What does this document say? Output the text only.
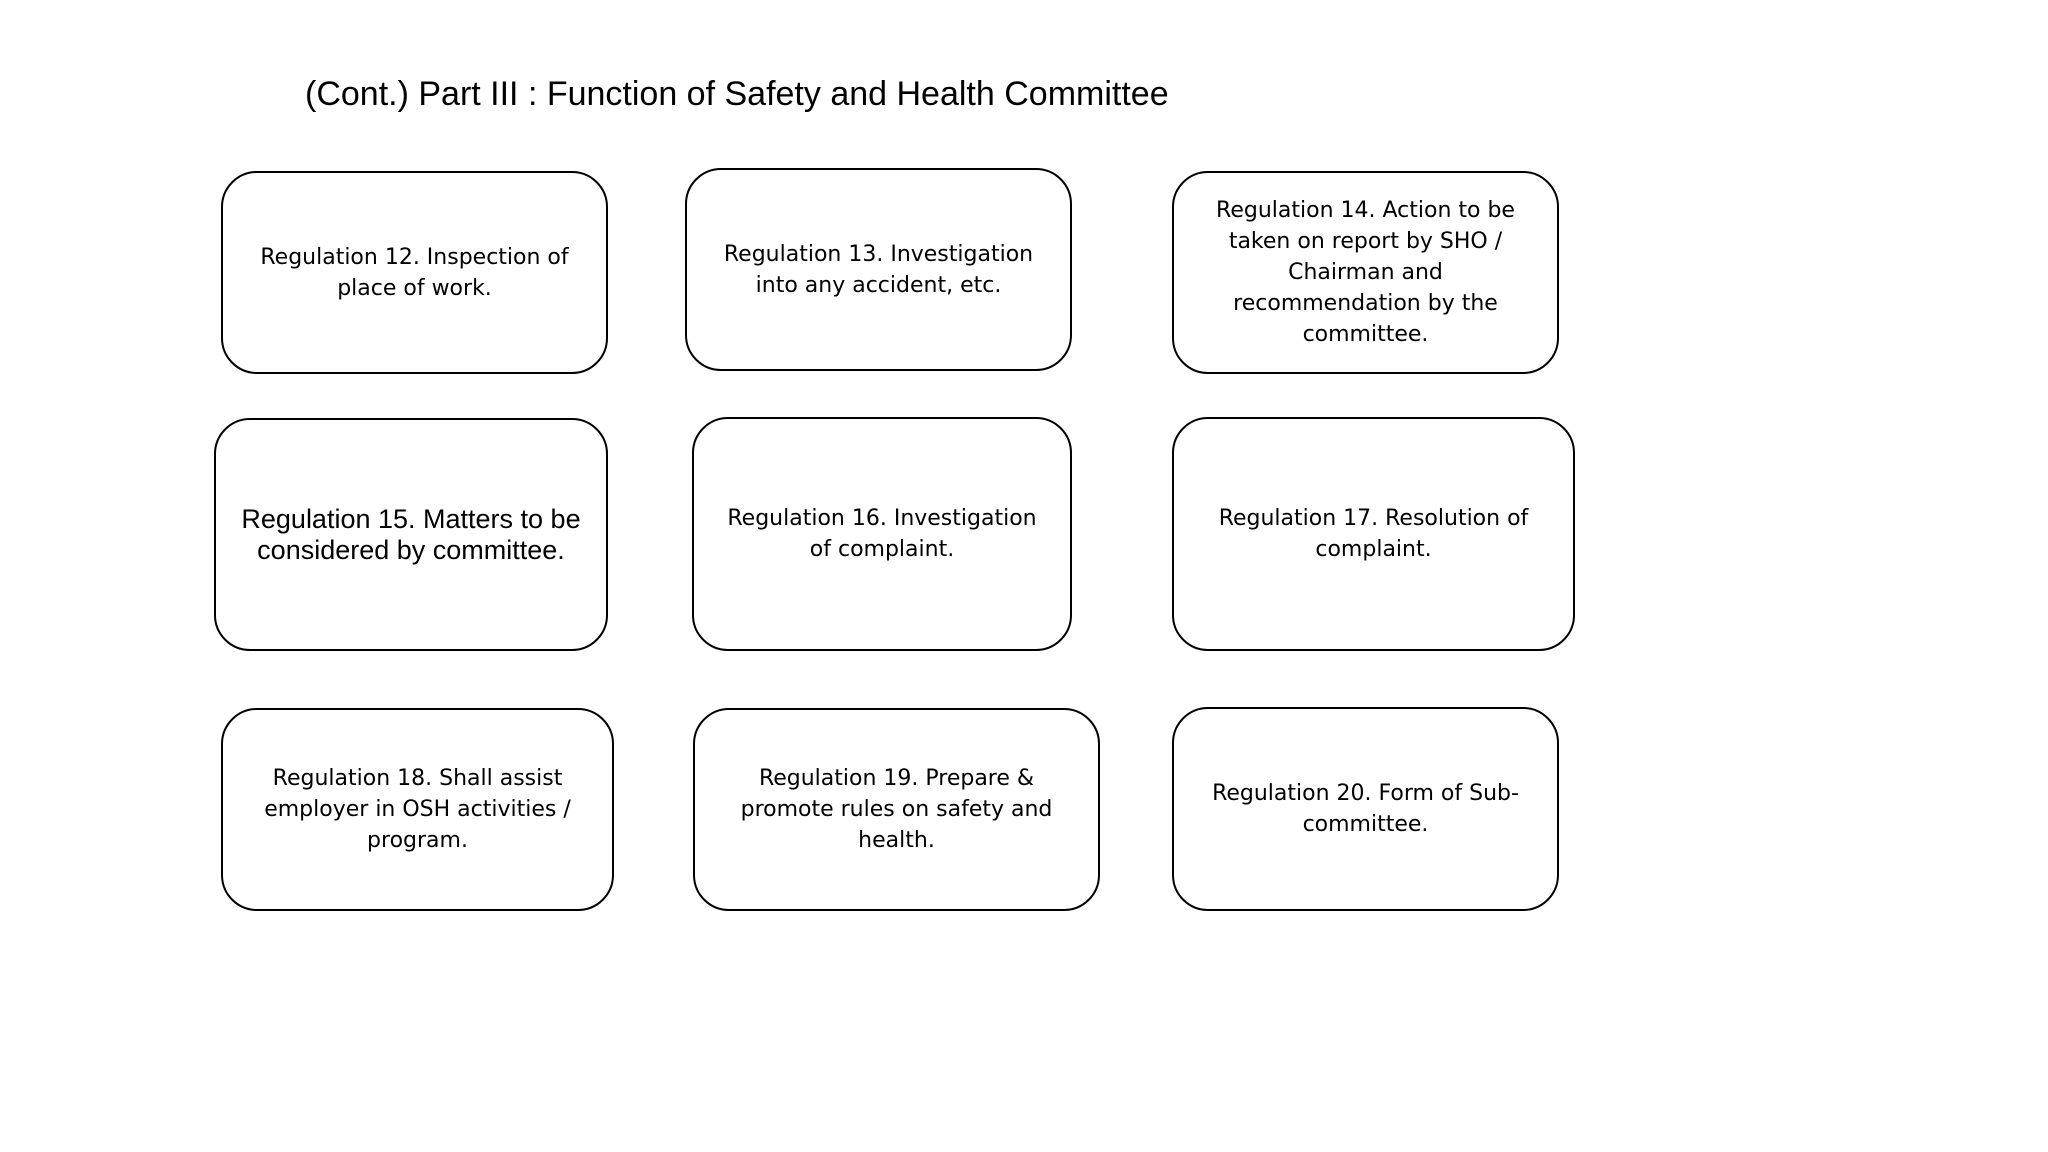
(Cont.) Part III : Function of Safety and Health Committee
Regulation 12. Inspection of place of work.
Regulation 13. Investigation into any accident, etc.
Regulation 14. Action to be taken on report by SHO / Chairman and recommendation by the committee.
Regulation 15. Matters to be considered by committee.
Regulation 16. Investigation of complaint.
Regulation 17. Resolution of complaint.
Regulation 18. Shall assist employer in OSH activities / program.
Regulation 19. Prepare & promote rules on safety and health.
Regulation 20. Form of Sub-committee.
